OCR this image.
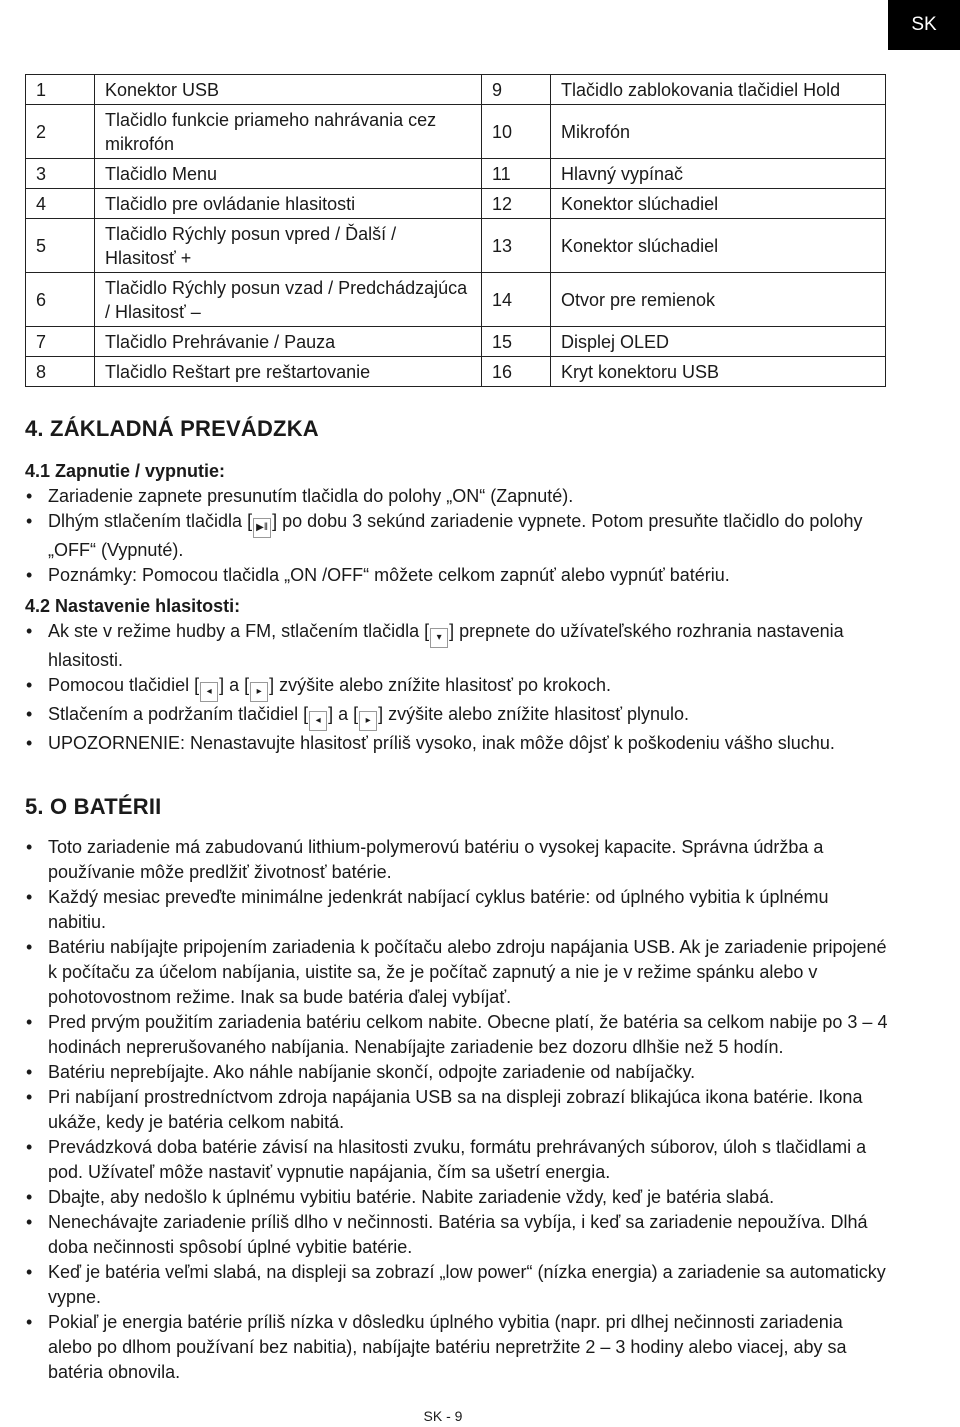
SK
1	Konektor USB	9	Tlačidlo zablokovania tlačidiel Hold
2	Tlačidlo funkcie priameho nahrávania cez mikrofón	10	Mikrofón
3	Tlačidlo Menu	11	Hlavný vypínač
4	Tlačidlo pre ovládanie hlasitosti	12	Konektor slúchadiel
5	Tlačidlo Rýchly posun vpred / Ďalší / Hlasitosť +	13	Konektor slúchadiel
6	Tlačidlo Rýchly posun vzad / Predchádzajúca / Hlasitosť –	14	Otvor pre remienok
7	Tlačidlo Prehrávanie / Pauza	15	Displej OLED
8	Tlačidlo Reštart pre reštartovanie	16	Kryt konektoru USB
4. ZÁKLADNÁ PREVÁDZKA
4.1 Zapnutie / vypnutie:
• Zariadenie zapnete presunutím tlačidla do polohy „ON“ (Zapnuté).
• Dlhým stlačením tlačidla [ ▶‖ ] po dobu 3 sekúnd zariadenie vypnete. Potom presuňte tlačidlo do polohy „OFF“ (Vypnuté).
• Poznámky: Pomocou tlačidla „ON /OFF“ môžete celkom zapnúť alebo vypnúť batériu.
4.2 Nastavenie hlasitosti:
• Ak ste v režime hudby a FM, stlačením tlačidla [ ▾ ] prepnete do užívateľského rozhrania nastavenia hlasitosti.
• Pomocou tlačidiel [ ◂ ] a [ ▸ ] zvýšite alebo znížite hlasitosť po krokoch.
• Stlačením a podržaním tlačidiel [ ◂ ] a [ ▸ ] zvýšite alebo znížite hlasitosť plynulo.
• UPOZORNENIE: Nenastavujte hlasitosť príliš vysoko, inak môže dôjsť k poškodeniu vášho sluchu.
5. O BATÉRII
• Toto zariadenie má zabudovanú lithium-polymerovú batériu o vysokej kapacite. Správna údržba a používanie môže predlžiť životnosť batérie.
• Každý mesiac preveďte minimálne jedenkrát nabíjací cyklus batérie: od úplného vybitia k úplnému nabitiu.
• Batériu nabíjajte pripojením zariadenia k počítaču alebo zdroju napájania USB. Ak je zariadenie pripojené k počítaču za účelom nabíjania, uistite sa, že je počítač zapnutý a nie je v režime spánku alebo v pohotovostnom režime. Inak sa bude batéria ďalej vybíjať.
• Pred prvým použitím zariadenia batériu celkom nabite. Obecne platí, že batéria sa celkom nabije po 3 – 4 hodinách neprerušovaného nabíjania. Nenabíjajte zariadenie bez dozoru dlhšie než 5 hodín.
• Batériu neprebíjajte. Ako náhle nabíjanie skončí, odpojte zariadenie od nabíjačky.
• Pri nabíjaní prostredníctvom zdroja napájania USB sa na displeji zobrazí blikajúca ikona batérie. Ikona ukáže, kedy je batéria celkom nabitá.
• Prevádzková doba batérie závisí na hlasitosti zvuku, formátu prehrávaných súborov, úloh s tlačidlami a pod. Užívateľ môže nastaviť vypnutie napájania, čím sa ušetrí energia.
• Dbajte, aby nedošlo k úplnému vybitiu batérie. Nabite zariadenie vždy, keď je batéria slabá.
• Nenechávajte zariadenie príliš dlho v nečinnosti. Batéria sa vybíja, i keď sa zariadenie nepoužíva. Dlhá doba nečinnosti spôsobí úplné vybitie batérie.
• Keď je batéria veľmi slabá, na displeji sa zobrazí „low power“ (nízka energia) a zariadenie sa automaticky vypne.
• Pokiaľ je energia batérie príliš nízka v dôsledku úplného vybitia (napr. pri dlhej nečinnosti zariadenia alebo po dlhom používaní bez nabitia), nabíjajte batériu nepretržite 2 – 3 hodiny alebo viacej, aby sa batéria obnovila.
SK - 9
